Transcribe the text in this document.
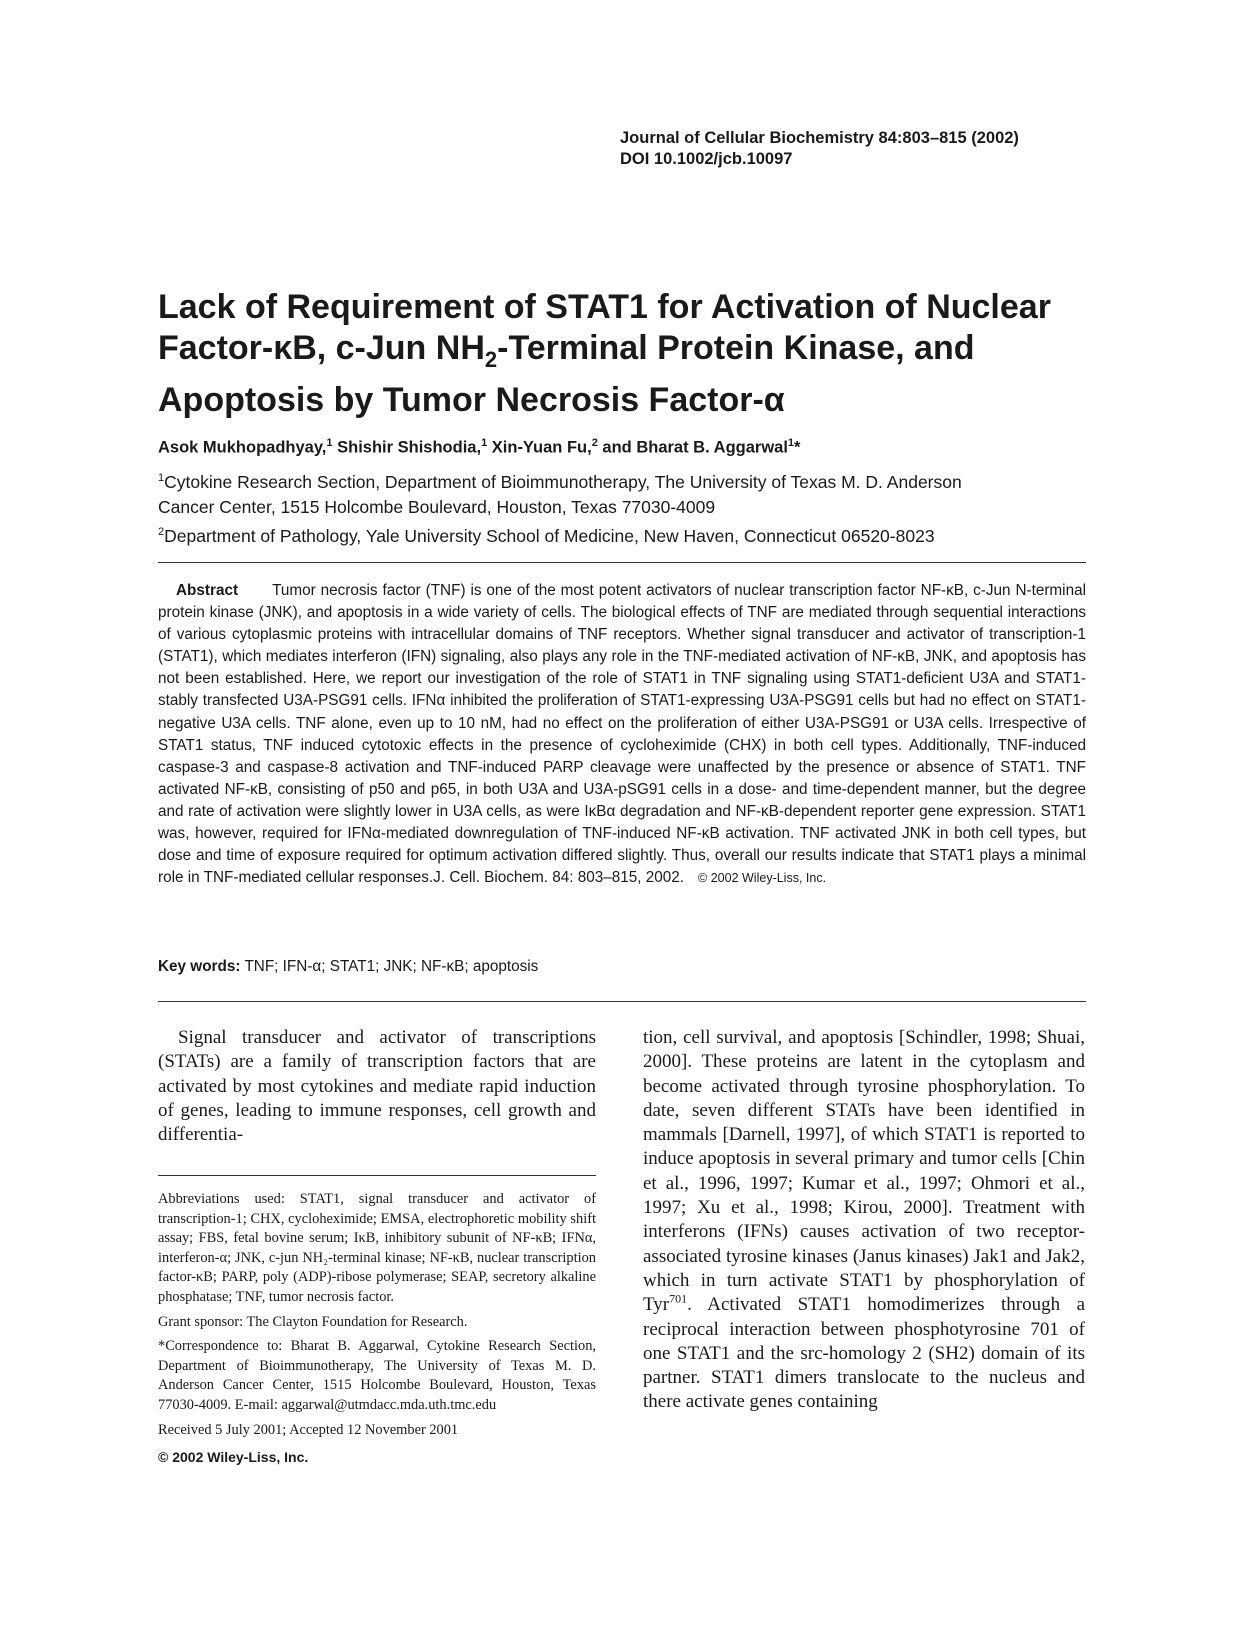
Journal of Cellular Biochemistry 84:803–815 (2002)
DOI 10.1002/jcb.10097
Lack of Requirement of STAT1 for Activation of Nuclear
Factor-κB, c-Jun $NH_2$-Terminal Protein Kinase, and
Apoptosis by Tumor Necrosis Factor-α
Asok Mukhopadhyay,$^1$ Shishir Shishodia,$^1$ Xin-Yuan Fu,$^2$ and Bharat B. Aggarwal$^1$*
$^1$Cytokine Research Section, Department of Bioimmunotherapy, The University of Texas M. D. Anderson
Cancer Center, 1515 Holcombe Boulevard, Houston, Texas 77030-4009
$^2$Department of Pathology, Yale University School of Medicine, New Haven, Connecticut 06520-8023
Abstract Tumor necrosis factor (TNF) is one of the most potent activators of nuclear transcription factor NF-κB, c-Jun N-terminal protein kinase (JNK), and apoptosis in a wide variety of cells. The biological effects of TNF are mediated through sequential interactions of various cytoplasmic proteins with intracellular domains of TNF receptors. Whether signal transducer and activator of transcription-1 (STAT1), which mediates interferon (IFN) signaling, also plays any role in the TNF-mediated activation of NF-κB, JNK, and apoptosis has not been established. Here, we report our investigation of the role of STAT1 in TNF signaling using STAT1-deficient U3A and STAT1-stably transfected U3A-PSG91 cells. IFNα inhibited the proliferation of STAT1-expressing U3A-PSG91 cells but had no effect on STAT1-negative U3A cells. TNF alone, even up to 10 nM, had no effect on the proliferation of either U3A-PSG91 or U3A cells. Irrespective of STAT1 status, TNF induced cytotoxic effects in the presence of cycloheximide (CHX) in both cell types. Additionally, TNF-induced caspase-3 and caspase-8 activation and TNF-induced PARP cleavage were unaffected by the presence or absence of STAT1. TNF activated NF-κB, consisting of p50 and p65, in both U3A and U3A-pSG91 cells in a dose- and time-dependent manner, but the degree and rate of activation were slightly lower in U3A cells, as were IκBα degradation and NF-κB-dependent reporter gene expression. STAT1 was, however, required for IFNα-mediated downregulation of TNF-induced NF-κB activation. TNF activated JNK in both cell types, but dose and time of exposure required for optimum activation differed slightly. Thus, overall our results indicate that STAT1 plays a minimal role in TNF-mediated cellular responses.J. Cell. Biochem. 84: 803–815, 2002. © 2002 Wiley-Liss, Inc.
Key words: TNF; IFN-α; STAT1; JNK; NF-κB; apoptosis

Signal transducer and activator of transcriptions (STATs) are a family of transcription factors that are activated by most cytokines and mediate rapid induction of genes, leading to immune responses, cell growth and differentia-

Abbreviations used: STAT1, signal transducer and activator of transcription-1; CHX, cycloheximide; EMSA, electrophoretic mobility shift assay; FBS, fetal bovine serum; IκB, inhibitory subunit of NF-κB; IFNα, interferon-α; JNK, c-jun NH₂-terminal kinase; NF-κB, nuclear transcription factor-κB; PARP, poly (ADP)-ribose polymerase; SEAP, secretory alkaline phosphatase; TNF, tumor necrosis factor.

Grant sponsor: The Clayton Foundation for Research.

*Correspondence to: Bharat B. Aggarwal, Cytokine Research Section, Department of Bioimmunotherapy, The University of Texas M. D. Anderson Cancer Center, 1515 Holcombe Boulevard, Houston, Texas 77030-4009. E-mail: aggarwal@utmdacc.mda.uth.tmc.edu

Received 5 July 2001; Accepted 12 November 2001

© 2002 Wiley-Liss, Inc.

tion, cell survival, and apoptosis [Schindler, 1998; Shuai, 2000]. These proteins are latent in the cytoplasm and become activated through tyrosine phosphorylation. To date, seven different STATs have been identified in mammals [Darnell, 1997], of which STAT1 is reported to induce apoptosis in several primary and tumor cells [Chin et al., 1996, 1997; Kumar et al., 1997; Ohmori et al., 1997; Xu et al., 1998; Kirou, 2000]. Treatment with interferons (IFNs) causes activation of two receptor-associated tyrosine kinases (Janus kinases) Jak1 and Jak2, which in turn activate STAT1 by phosphorylation of Tyr$^{701}$. Activated STAT1 homodimerizes through a reciprocal interaction between phosphotyrosine 701 of one STAT1 and the src-homology 2 (SH2) domain of its partner. STAT1 dimers translocate to the nucleus and there activate genes containing
